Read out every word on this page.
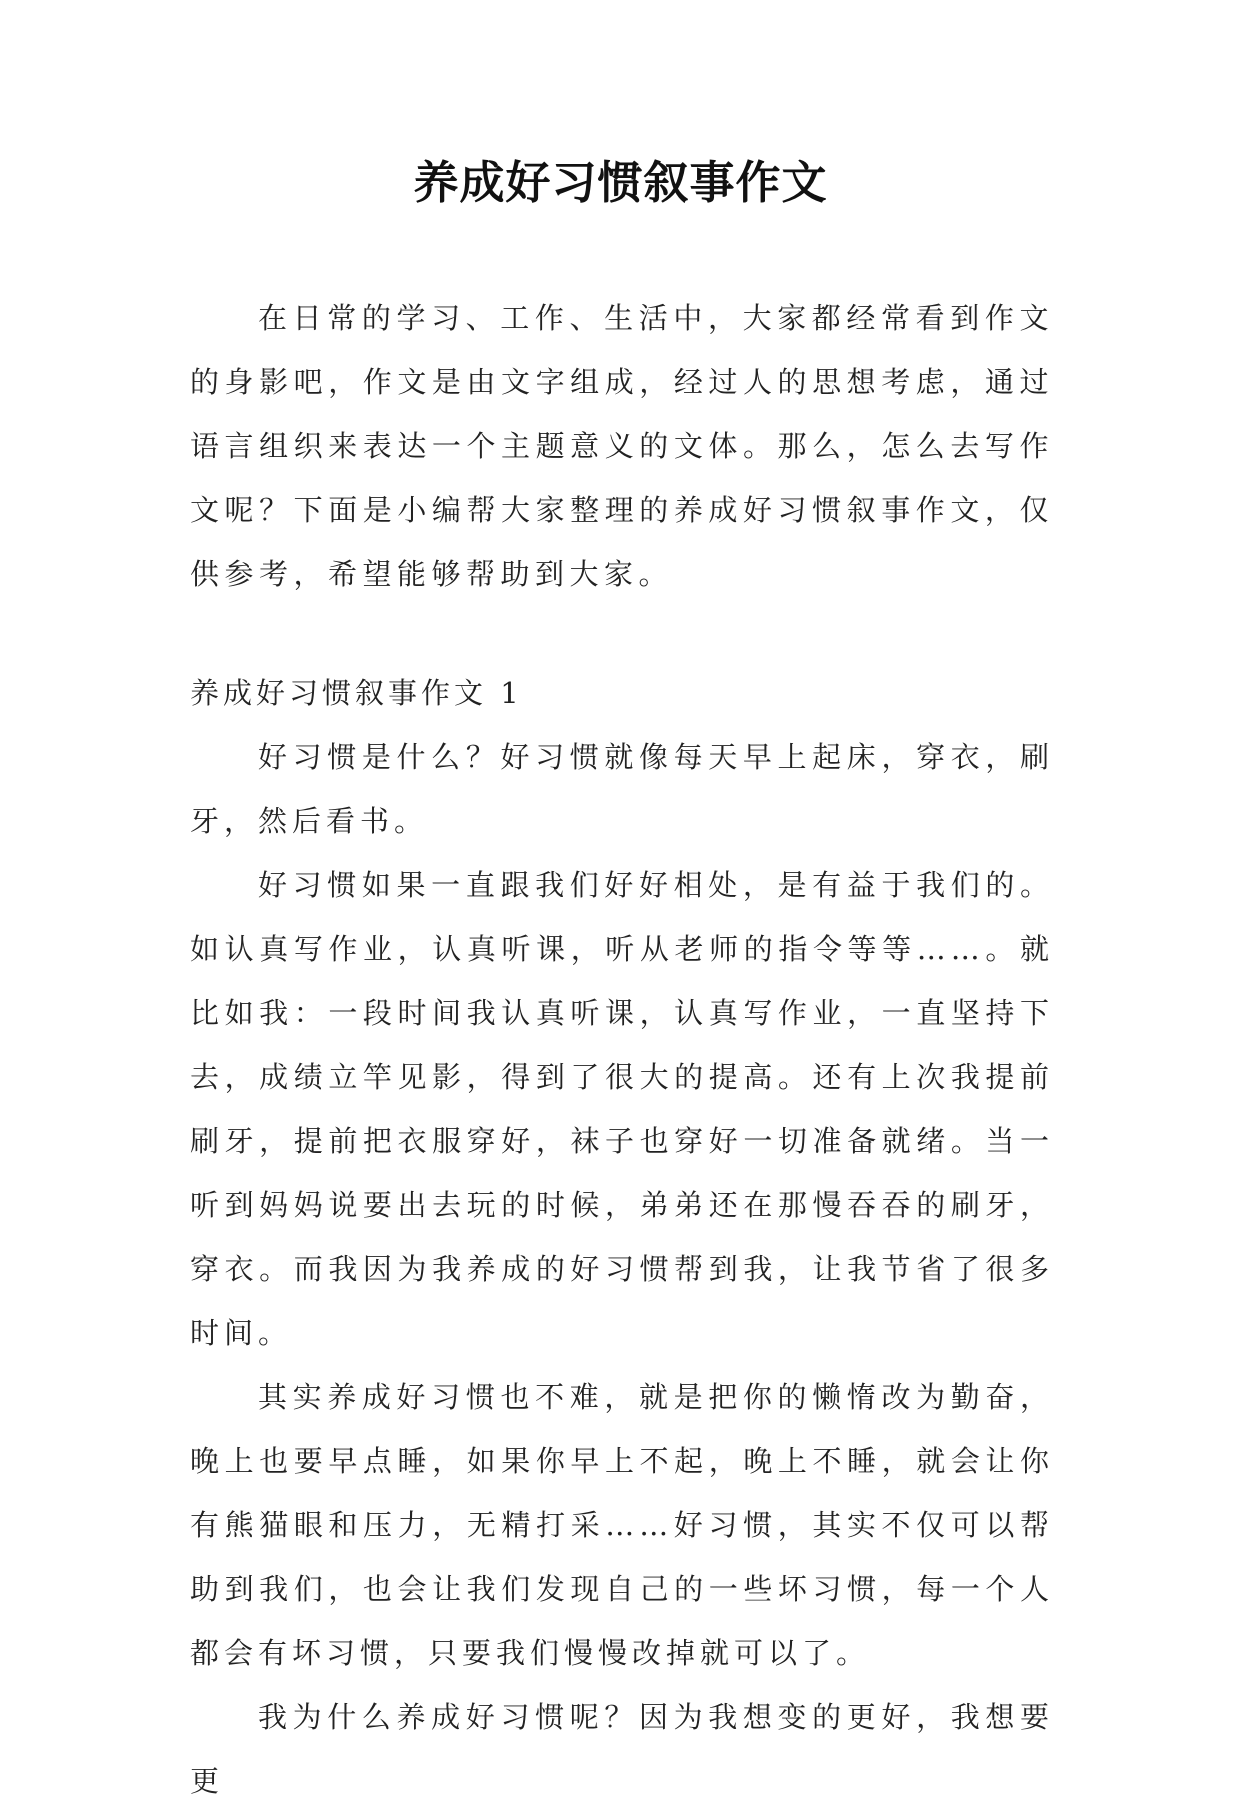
养成好习惯叙事作文

在日常的学习、工作、生活中，大家都经常看到作文的身影吧，作文是由文字组成，经过人的思想考虑，通过语言组织来表达一个主题意义的文体。那么，怎么去写作文呢？下面是小编帮大家整理的养成好习惯叙事作文，仅供参考，希望能够帮助到大家。

养成好习惯叙事作文 1

好习惯是什么？好习惯就像每天早上起床，穿衣，刷牙，然后看书。

好习惯如果一直跟我们好好相处，是有益于我们的。如认真写作业，认真听课，听从老师的指令等等……。就比如我：一段时间我认真听课，认真写作业，一直坚持下去，成绩立竿见影，得到了很大的提高。还有上次我提前刷牙，提前把衣服穿好，袜子也穿好一切准备就绪。当一听到妈妈说要出去玩的时候，弟弟还在那慢吞吞的刷牙，穿衣。而我因为我养成的好习惯帮到我，让我节省了很多时间。

其实养成好习惯也不难，就是把你的懒惰改为勤奋，晚上也要早点睡，如果你早上不起，晚上不睡，就会让你有熊猫眼和压力，无精打采……好习惯，其实不仅可以帮助到我们，也会让我们发现自己的一些坏习惯，每一个人都会有坏习惯，只要我们慢慢改掉就可以了。

我为什么养成好习惯呢？因为我想变的更好，我想要更
